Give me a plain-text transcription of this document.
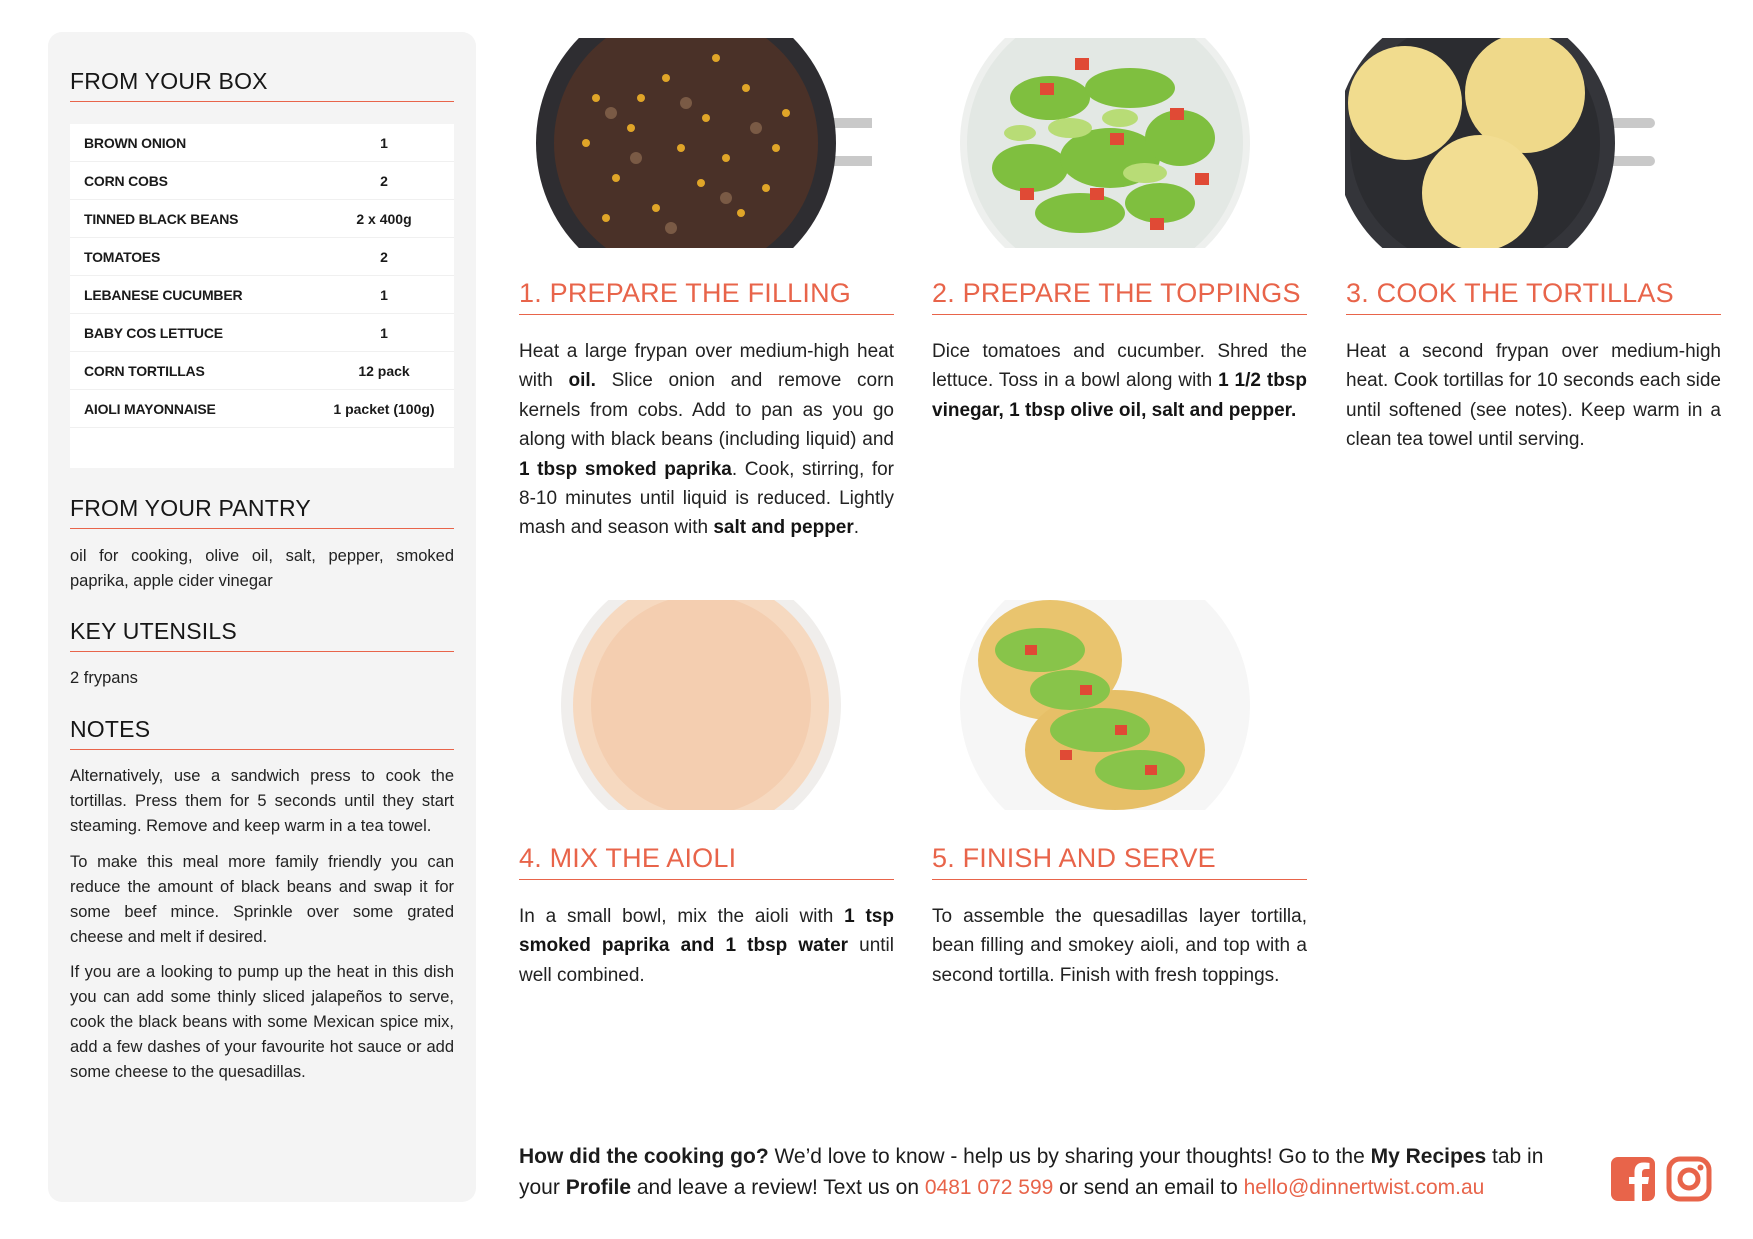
FROM YOUR BOX
BROWN ONION	1
CORN COBS	2
TINNED BLACK BEANS	2 x 400g
TOMATOES	2
LEBANESE CUCUMBER	1
BABY COS LETTUCE	1
CORN TORTILLAS	12 pack
AIOLI MAYONNAISE	1 packet (100g)
FROM YOUR PANTRY

oil for cooking, olive oil, salt, pepper, smoked paprika, apple cider vinegar

KEY UTENSILS

2 frypans

NOTES

Alternatively, use a sandwich press to cook the tortillas. Press them for 5 seconds until they start steaming. Remove and keep warm in a tea towel.

To make this meal more family friendly you can reduce the amount of black beans and swap it for some beef mince. Sprinkle over some grated cheese and melt if desired.

If you are a looking to pump up the heat in this dish you can add some thinly sliced jalapeños to serve, cook the black beans with some Mexican spice mix, add a few dashes of your favourite hot sauce or add some cheese to the quesadillas.

1. PREPARE THE FILLING	2. PREPARE THE TOPPINGS 3. COOK THE TORTILLAS
4. MIX THE AIOLI	5. FINISH AND SERVE

Heat a large frypan over medium-high heat with oil. Slice onion and remove corn kernels from cobs. Add to pan as you go along with black beans (including liquid) and 1 tbsp smoked paprika. Cook, stirring, for 8-10 minutes until liquid is reduced. Lightly mash and season with salt and pepper.

Dice tomatoes and cucumber. Shred the lettuce. Toss in a bowl along with 1 1/2 tbsp vinegar, 1 tbsp olive oil, salt and pepper.

Heat a second frypan over medium-high heat. Cook tortillas for 10 seconds each side until softened (see notes). Keep warm in a clean tea towel until serving.

In a small bowl, mix the aioli with 1 tsp smoked paprika and 1 tbsp water until well combined.

To assemble the quesadillas layer tortilla, bean filling and smokey aioli, and top with a second tortilla. Finish with fresh toppings.

How did the cooking go? We’d love to know - help us by sharing your thoughts! Go to the My Recipes tab in your Profile and leave a review! Text us on 0481 072 599 or send an email to hello@dinnertwist.com.au
